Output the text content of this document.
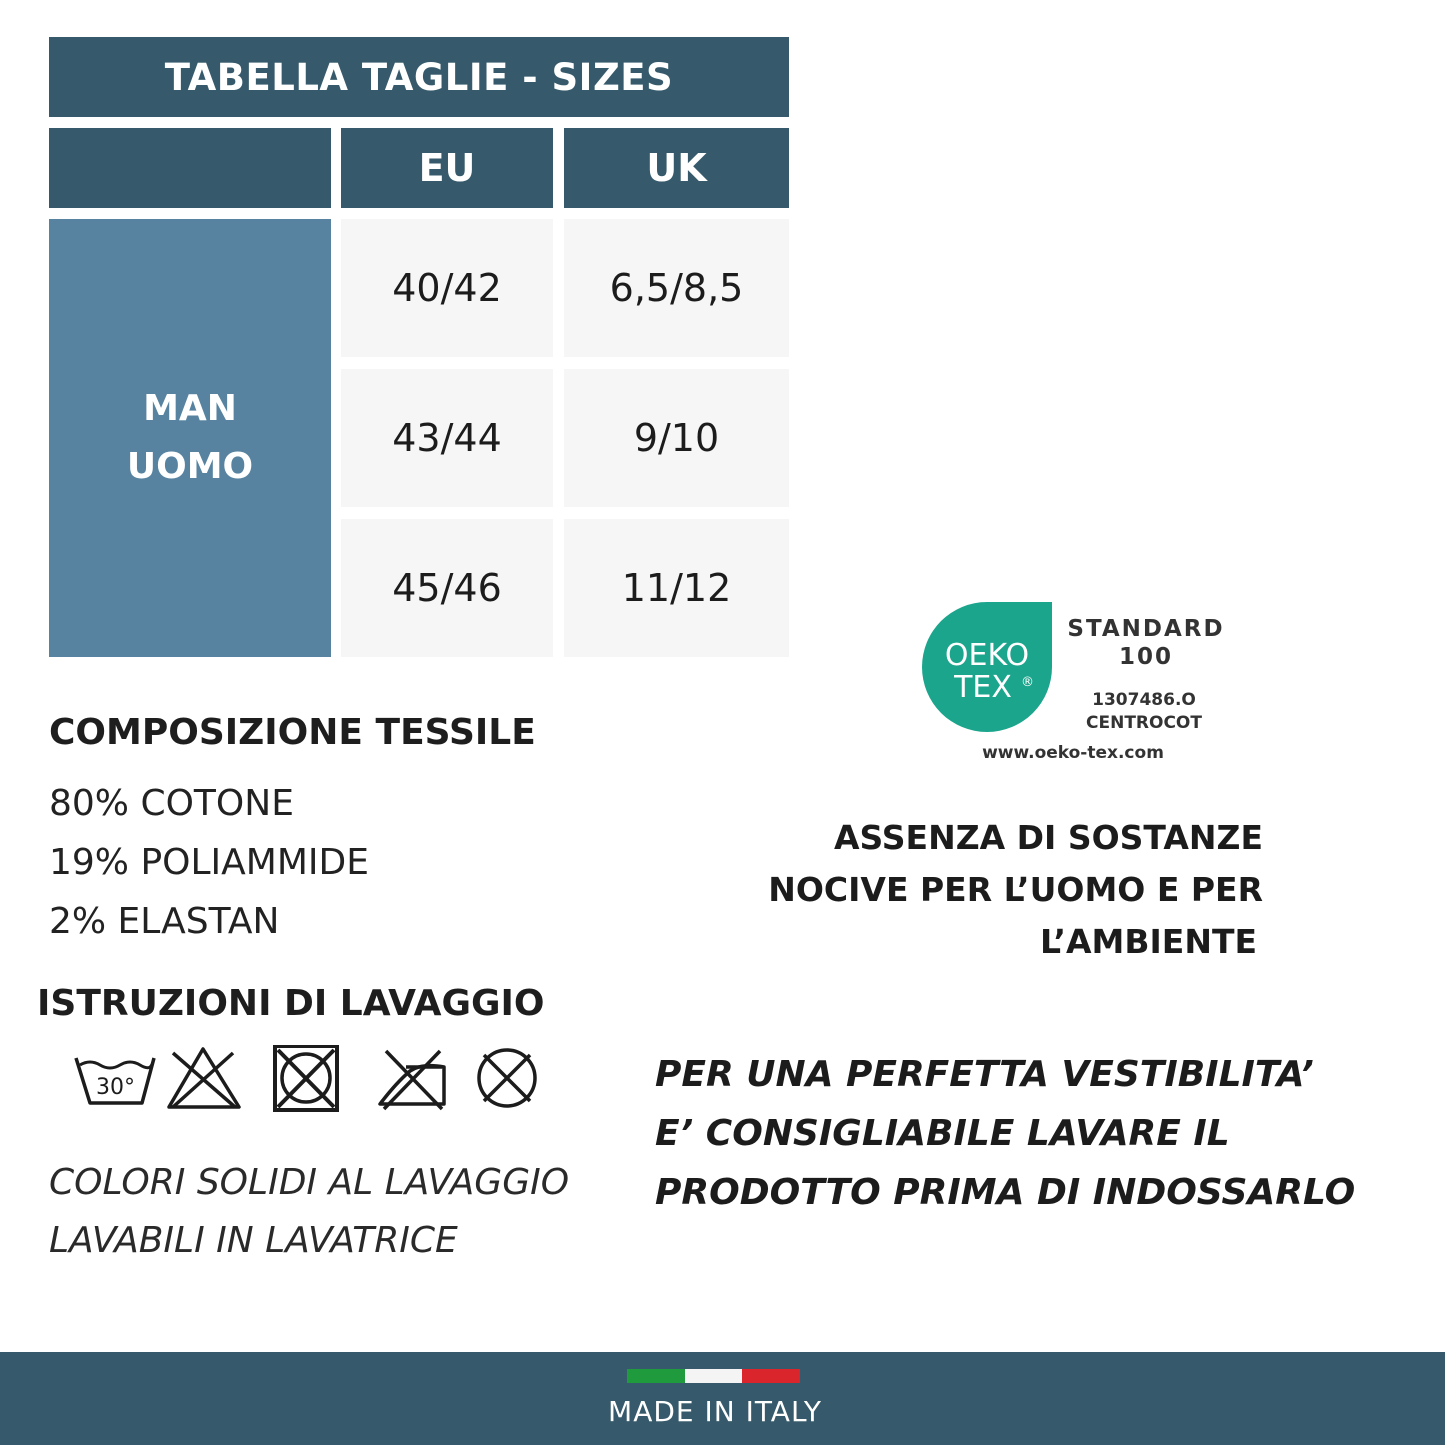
TABELLA TAGLIE - SIZES
EU	UK
MAN
UOMO
40/42	6,5/8,5
43/44	9/10
45/46	11/12
COMPOSIZIONE TESSILE
80% COTONE
19% POLIAMMIDE
2% ELASTAN
ISTRUZIONI DI LAVAGGIO
30°
COLORI SOLIDI AL LAVAGGIO
LAVABILI IN LAVATRICE
OEKO
TEX ®
STANDARD
100
1307486.O
CENTROCOT
www.oeko-tex.com
ASSENZA DI SOSTANZE
NOCIVE PER L’UOMO E PER
L’AMBIENTE
PER UNA PERFETTA VESTIBILITA’
E’ CONSIGLIABILE LAVARE IL
PRODOTTO PRIMA DI INDOSSARLO
MADE IN ITALY
